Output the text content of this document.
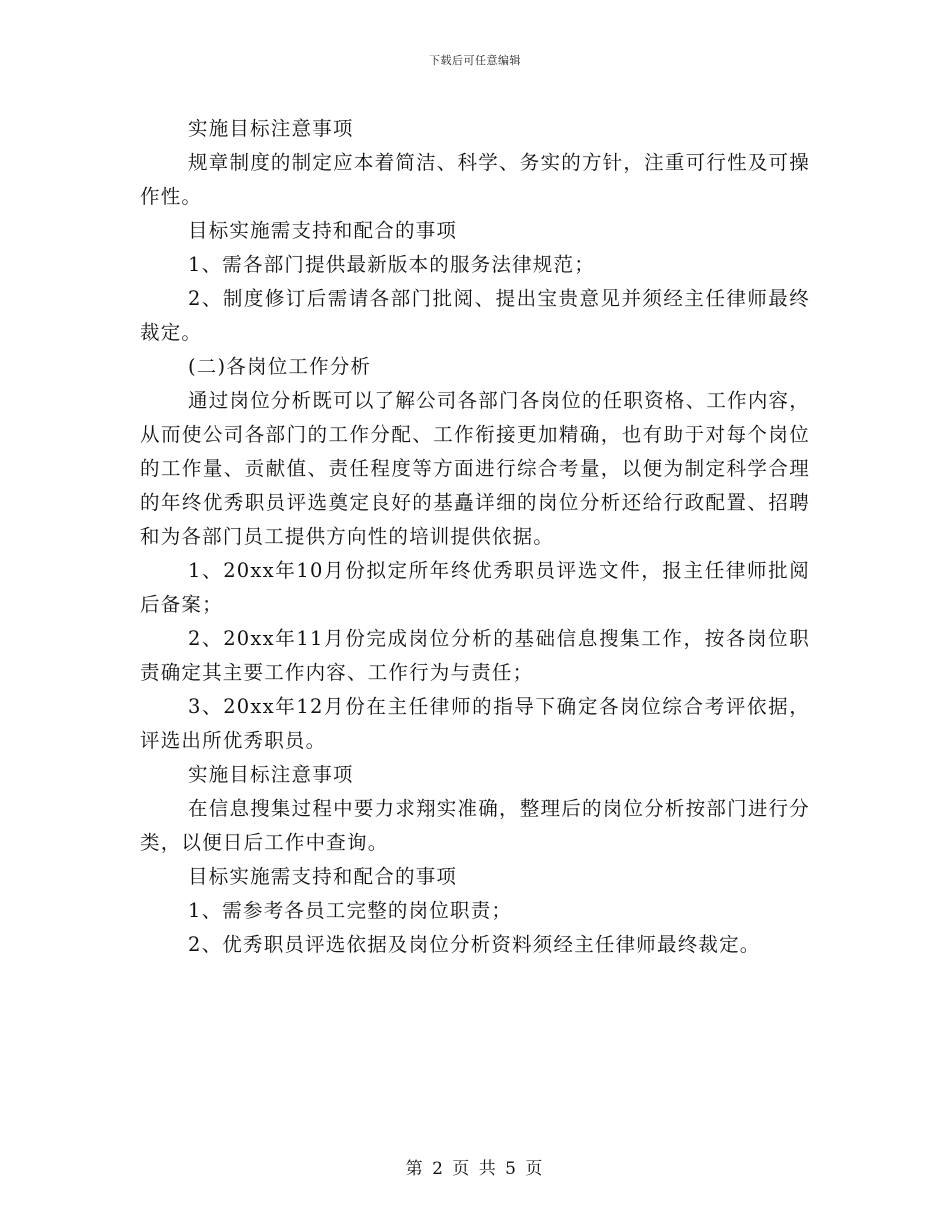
下载后可任意编辑

实施目标注意事项

规章制度的制定应本着简洁、科学、务实的方针，注重可行性及可操作性。

目标实施需支持和配合的事项

1、需各部门提供最新版本的服务法律规范；

2、制度修订后需请各部门批阅、提出宝贵意见并须经主任律师最终裁定。

(二)各岗位工作分析

通过岗位分析既可以了解公司各部门各岗位的任职资格、工作内容，从而使公司各部门的工作分配、工作衔接更加精确，也有助于对每个岗位的工作量、贡献值、责任程度等方面进行综合考量，以便为制定科学合理的年终优秀职员评选奠定良好的基矗详细的岗位分析还给行政配置、招聘和为各部门员工提供方向性的培训提供依据。

1、20xx年10月份拟定所年终优秀职员评选文件，报主任律师批阅后备案；

2、20xx年11月份完成岗位分析的基础信息搜集工作，按各岗位职责确定其主要工作内容、工作行为与责任；

3、20xx年12月份在主任律师的指导下确定各岗位综合考评依据，评选出所优秀职员。

实施目标注意事项

在信息搜集过程中要力求翔实准确，整理后的岗位分析按部门进行分类，以便日后工作中查询。

目标实施需支持和配合的事项

1、需参考各员工完整的岗位职责；

2、优秀职员评选依据及岗位分析资料须经主任律师最终裁定。

第 2 页 共 5 页
